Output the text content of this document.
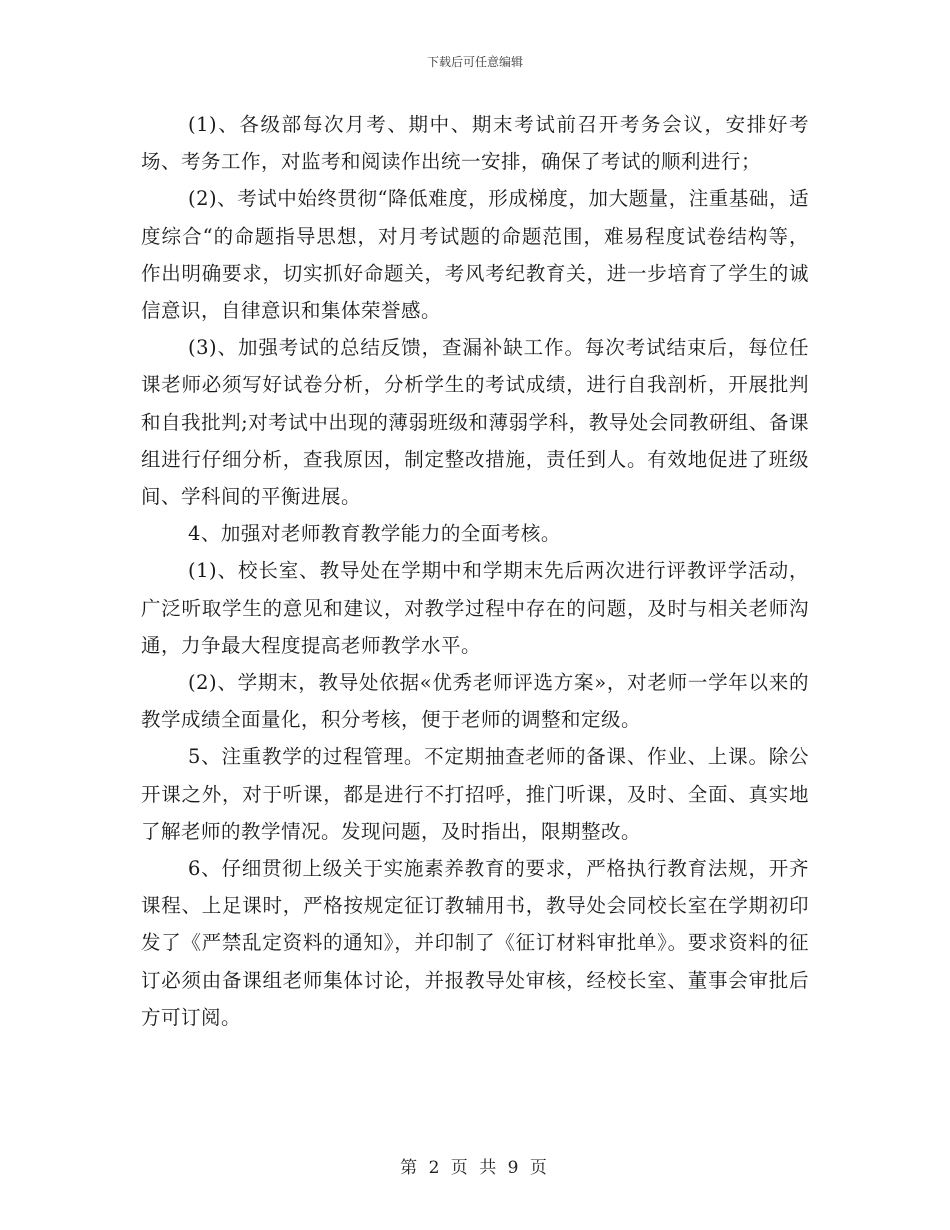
下载后可任意编辑

(1)、各级部每次月考、期中、期末考试前召开考务会议，安排好考场、考务工作，对监考和阅读作出统一安排，确保了考试的顺利进行；

(2)、考试中始终贯彻“降低难度，形成梯度，加大题量，注重基础，适度综合“的命题指导思想，对月考试题的命题范围，难易程度试卷结构等，作出明确要求，切实抓好命题关，考风考纪教育关，进一步培育了学生的诚信意识，自律意识和集体荣誉感。

(3)、加强考试的总结反馈，查漏补缺工作。每次考试结束后，每位任课老师必须写好试卷分析，分析学生的考试成绩，进行自我剖析，开展批判和自我批判;对考试中出现的薄弱班级和薄弱学科，教导处会同教研组、备课组进行仔细分析，查我原因，制定整改措施，责任到人。有效地促进了班级间、学科间的平衡进展。

4、加强对老师教育教学能力的全面考核。

(1)、校长室、教导处在学期中和学期末先后两次进行评教评学活动，广泛听取学生的意见和建议，对教学过程中存在的问题，及时与相关老师沟通，力争最大程度提高老师教学水平。

(2)、学期末，教导处依据«优秀老师评选方案»，对老师一学年以来的教学成绩全面量化，积分考核，便于老师的调整和定级。

5、注重教学的过程管理。不定期抽查老师的备课、作业、上课。除公开课之外，对于听课，都是进行不打招呼，推门听课，及时、全面、真实地了解老师的教学情况。发现问题，及时指出，限期整改。

6、仔细贯彻上级关于实施素养教育的要求，严格执行教育法规，开齐课程、上足课时，严格按规定征订教辅用书，教导处会同校长室在学期初印发了《严禁乱定资料的通知》，并印制了《征订材料审批单》。要求资料的征订必须由备课组老师集体讨论，并报教导处审核，经校长室、董事会审批后方可订阅。

第 2 页 共 9 页
